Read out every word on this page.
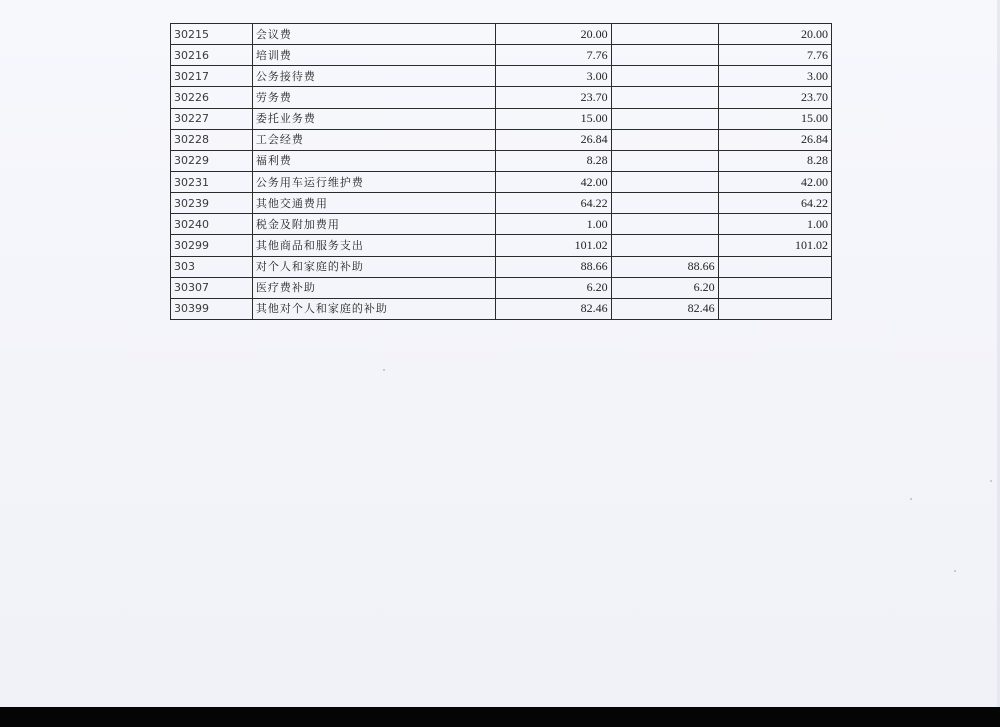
30215	会议费	20.00		20.00
30216	培训费	7.76		7.76
30217	公务接待费	3.00		3.00
30226	劳务费	23.70		23.70
30227	委托业务费	15.00		15.00
30228	工会经费	26.84		26.84
30229	福利费	8.28		8.28
30231	公务用车运行维护费	42.00		42.00
30239	其他交通费用	64.22		64.22
30240	税金及附加费用	1.00		1.00
30299	其他商品和服务支出	101.02		101.02
303	对个人和家庭的补助	88.66	88.66	
30307	医疗费补助	6.20	6.20	
30399	其他对个人和家庭的补助	82.46	82.46	
